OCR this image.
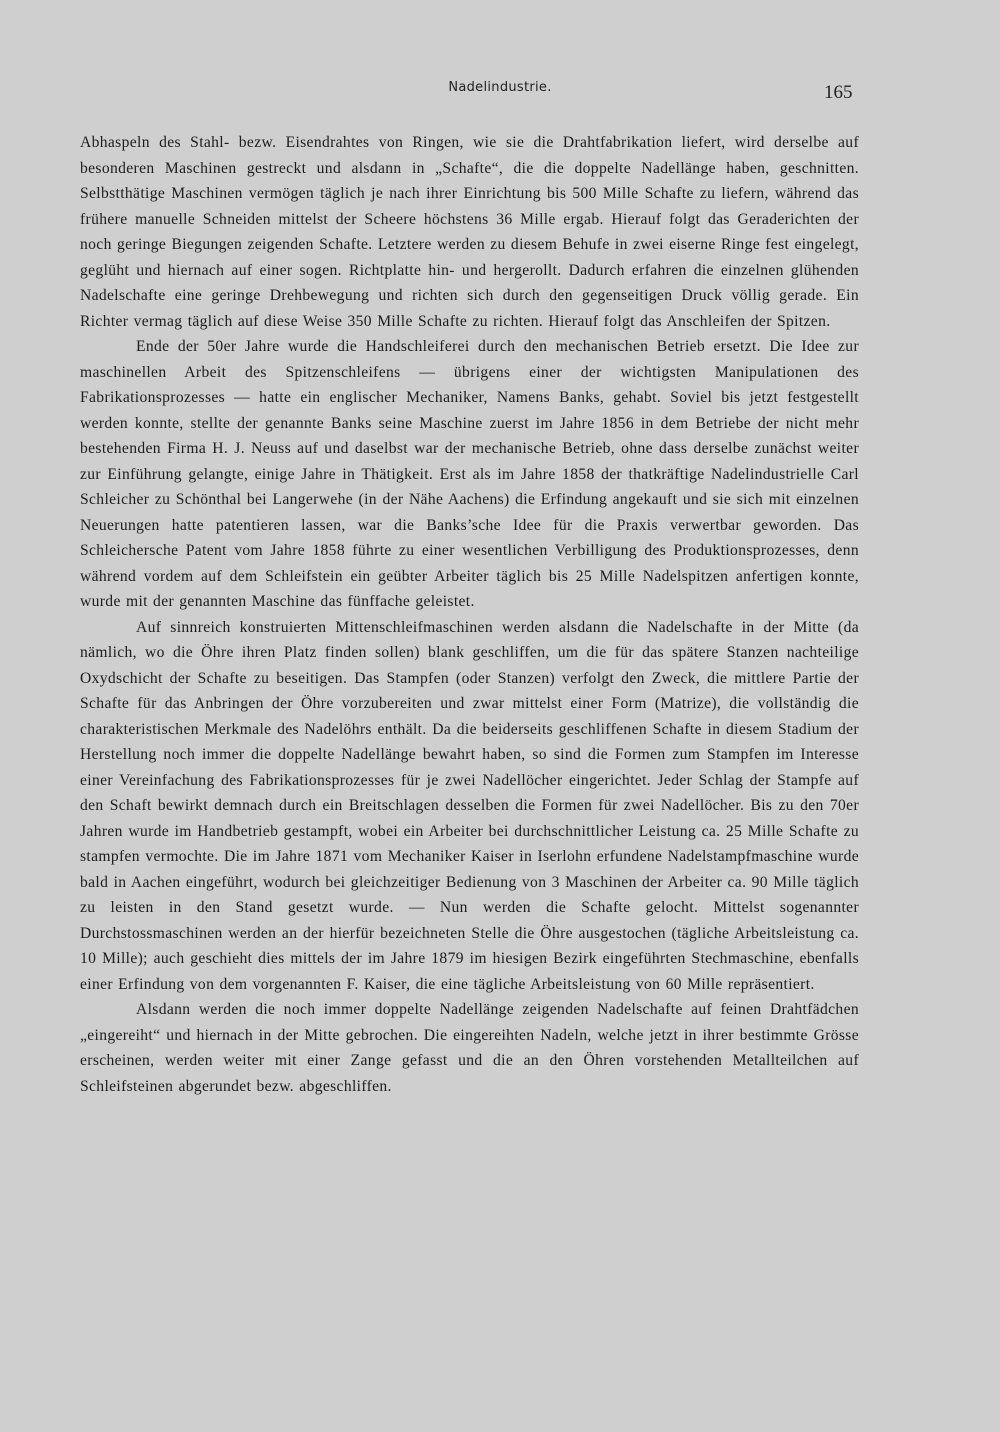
Nadelindustrie.	165

Abhaspeln des Stahl- bezw. Eisendrahtes von Ringen, wie sie die Drahtfabrikation liefert, wird derselbe auf besonderen Maschinen gestreckt und alsdann in „Schafte“, die die doppelte Nadellänge haben, geschnitten. Selbstthätige Maschinen vermögen täglich je nach ihrer Einrichtung bis 500 Mille Schafte zu liefern, während das frühere manuelle Schneiden mittelst der Scheere höchstens 36 Mille ergab. Hierauf folgt das Geraderichten der noch geringe Biegungen zeigenden Schafte. Letztere werden zu diesem Behufe in zwei eiserne Ringe fest eingelegt, geglüht und hiernach auf einer sogen. Richtplatte hin- und hergerollt. Dadurch erfahren die einzelnen glühenden Nadelschafte eine geringe Drehbewegung und richten sich durch den gegenseitigen Druck völlig gerade. Ein Richter vermag täglich auf diese Weise 350 Mille Schafte zu richten. Hierauf folgt das Anschleifen der Spitzen.

Ende der 50er Jahre wurde die Handschleiferei durch den mechanischen Betrieb ersetzt. Die Idee zur maschinellen Arbeit des Spitzenschleifens — übrigens einer der wichtigsten Manipulationen des Fabrikationsprozesses — hatte ein englischer Mechaniker, Namens Banks, gehabt. Soviel bis jetzt festgestellt werden konnte, stellte der genannte Banks seine Maschine zuerst im Jahre 1856 in dem Betriebe der nicht mehr bestehenden Firma H. J. Neuss auf und daselbst war der mechanische Betrieb, ohne dass derselbe zunächst weiter zur Einführung gelangte, einige Jahre in Thätigkeit. Erst als im Jahre 1858 der thatkräftige Nadelindustrielle Carl Schleicher zu Schönthal bei Langerwehe (in der Nähe Aachens) die Erfindung angekauft und sie sich mit einzelnen Neuerungen hatte patentieren lassen, war die Banks’sche Idee für die Praxis verwertbar geworden. Das Schleichersche Patent vom Jahre 1858 führte zu einer wesentlichen Verbilligung des Produktionsprozesses, denn während vordem auf dem Schleifstein ein geübter Arbeiter täglich bis 25 Mille Nadelspitzen anfertigen konnte, wurde mit der genannten Maschine das fünffache geleistet.

Auf sinnreich konstruierten Mittenschleifmaschinen werden alsdann die Nadelschafte in der Mitte (da nämlich, wo die Öhre ihren Platz finden sollen) blank geschliffen, um die für das spätere Stanzen nachteilige Oxydschicht der Schafte zu beseitigen. Das Stampfen (oder Stanzen) verfolgt den Zweck, die mittlere Partie der Schafte für das Anbringen der Öhre vorzubereiten und zwar mittelst einer Form (Matrize), die vollständig die charakteristischen Merkmale des Nadelöhrs enthält. Da die beiderseits geschliffenen Schafte in diesem Stadium der Herstellung noch immer die doppelte Nadellänge bewahrt haben, so sind die Formen zum Stampfen im Interesse einer Vereinfachung des Fabrikationsprozesses für je zwei Nadellöcher eingerichtet. Jeder Schlag der Stampfe auf den Schaft bewirkt demnach durch ein Breitschlagen desselben die Formen für zwei Nadellöcher. Bis zu den 70er Jahren wurde im Handbetrieb gestampft, wobei ein Arbeiter bei durchschnittlicher Leistung ca. 25 Mille Schafte zu stampfen vermochte. Die im Jahre 1871 vom Mechaniker Kaiser in Iserlohn erfundene Nadelstampfmaschine wurde bald in Aachen eingeführt, wodurch bei gleichzeitiger Bedienung von 3 Maschinen der Arbeiter ca. 90 Mille täglich zu leisten in den Stand gesetzt wurde. — Nun werden die Schafte gelocht. Mittelst sogenannter Durchstossmaschinen werden an der hierfür bezeichneten Stelle die Öhre ausgestochen (tägliche Arbeitsleistung ca. 10 Mille); auch geschieht dies mittels der im Jahre 1879 im hiesigen Bezirk eingeführten Stechmaschine, ebenfalls einer Erfindung von dem vorgenannten F. Kaiser, die eine tägliche Arbeitsleistung von 60 Mille repräsentiert.

Alsdann werden die noch immer doppelte Nadellänge zeigenden Nadelschafte auf feinen Drahtfädchen „eingereiht“ und hiernach in der Mitte gebrochen. Die eingereihten Nadeln, welche jetzt in ihrer bestimmte Grösse erscheinen, werden weiter mit einer Zange gefasst und die an den Öhren vorstehenden Metallteilchen auf Schleifsteinen abgerundet bezw. abgeschliffen.
